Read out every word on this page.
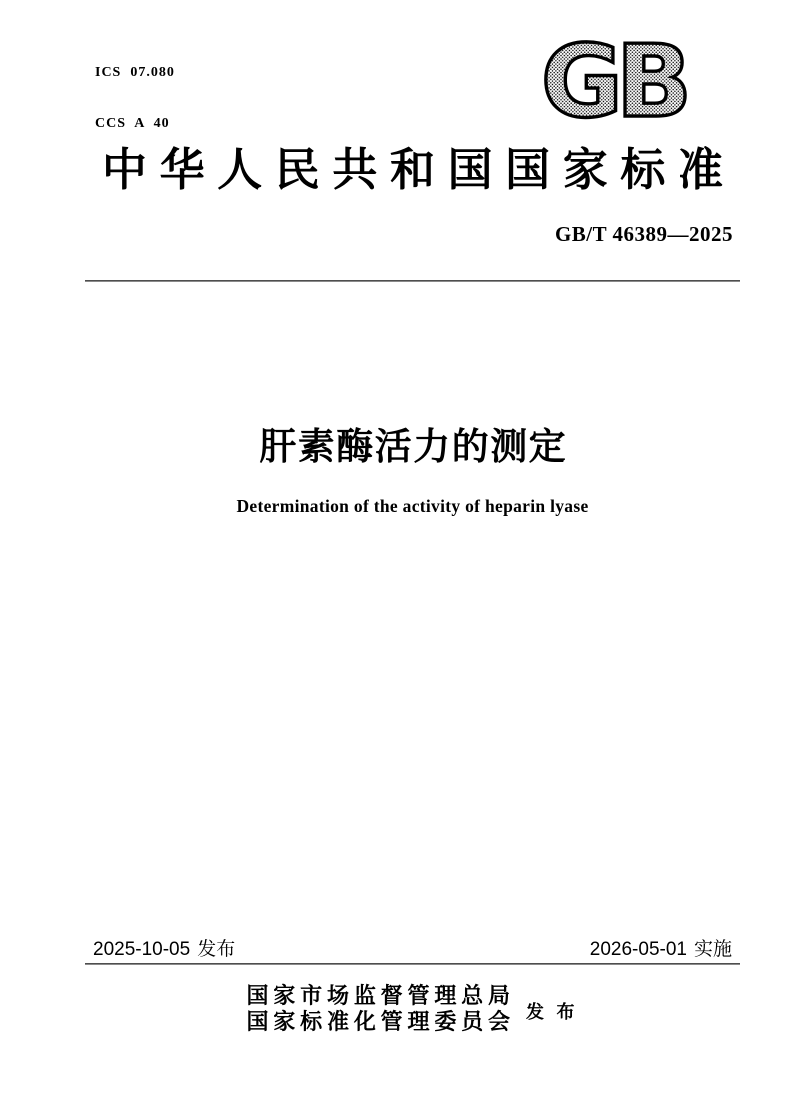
ICS  07.080

CCS  A  40

	GB
中华人民共和国国家标准
GB/T 46389—2025
肝素酶活力的测定
Determination of the activity of heparin lyase
2025-10-05 发布	2026-05-01 实施
国家市场监督管理总局
国家标准化管理委员会 发 布
